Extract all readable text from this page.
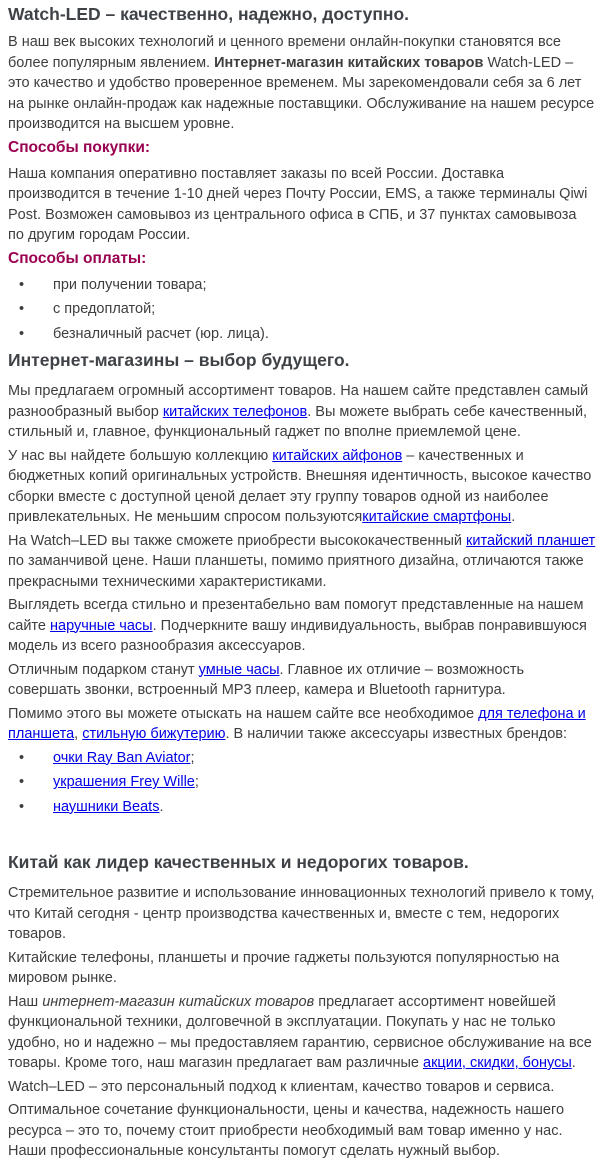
Watch-LED – качественно, надежно, доступно.

В наш век высоких технологий и ценного времени онлайн-покупки становятся все более популярным явлением. Интернет-магазин китайских товаров Watch-LED – это качество и удобство проверенное временем. Мы зарекомендовали себя за 6 лет на рынке онлайн-продаж как надежные поставщики. Обслуживание на нашем ресурсе производится на высшем уровне.

Способы покупки:

Наша компания оперативно поставляет заказы по всей России. Доставка производится в течение 1-10 дней через Почту России, EMS, а также терминалы Qiwi Post. Возможен самовывоз из центрального офиса в СПБ, и 37 пунктах самовывоза по другим городам России.

Способы оплаты:
• при получении товара;
• с предоплатой;
• безналичный расчет (юр. лица).
Интернет-магазины – выбор будущего.

Мы предлагаем огромный ассортимент товаров. На нашем сайте представлен самый разнообразный выбор китайских телефонов. Вы можете выбрать себе качественный, стильный и, главное, функциональный гаджет по вполне приемлемой цене.

У нас вы найдете большую коллекцию китайских айфонов – качественных и бюджетных копий оригинальных устройств. Внешняя идентичность, высокое качество сборки вместе с доступной ценой делает эту группу товаров одной из наиболее привлекательных. Не меньшим спросом пользуютсякитайские смартфоны.

На Watch–LED вы также сможете приобрести высококачественный китайский планшет по заманчивой цене. Наши планшеты, помимо приятного дизайна, отличаются также прекрасными техническими характеристиками.

Выглядеть всегда стильно и презентабельно вам помогут представленные на нашем сайте наручные часы. Подчеркните вашу индивидуальность, выбрав понравившуюся модель из всего разнообразия аксессуаров.

Отличным подарком станут умные часы. Главное их отличие – возможность совершать звонки, встроенный MP3 плеер, камера и Bluetooth гарнитура.

Помимо этого вы можете отыскать на нашем сайте все необходимое для телефона и планшета, стильную бижутерию. В наличии также аксессуары известных брендов:

• очки Ray Ban Aviator;
• украшения Frey Wille;
• наушники Beats.
Китай как лидер качественных и недорогих товаров.

Стремительное развитие и использование инновационных технологий привело к тому, что Китай сегодня - центр производства качественных и, вместе с тем, недорогих товаров.

Китайские телефоны, планшеты и прочие гаджеты пользуются популярностью на мировом рынке.

Наш интернет-магазин китайских товаров предлагает ассортимент новейшей функциональной техники, долговечной в эксплуатации. Покупать у нас не только удобно, но и надежно – мы предоставляем гарантию, сервисное обслуживание на все товары. Кроме того, наш магазин предлагает вам различные акции, скидки, бонусы.

Watch–LED – это персональный подход к клиентам, качество товаров и сервиса.

Оптимальное сочетание функциональности, цены и качества, надежность нашего ресурса – это то, почему стоит приобрести необходимый вам товар именно у нас. Наши профессиональные консультанты помогут сделать нужный выбор.
